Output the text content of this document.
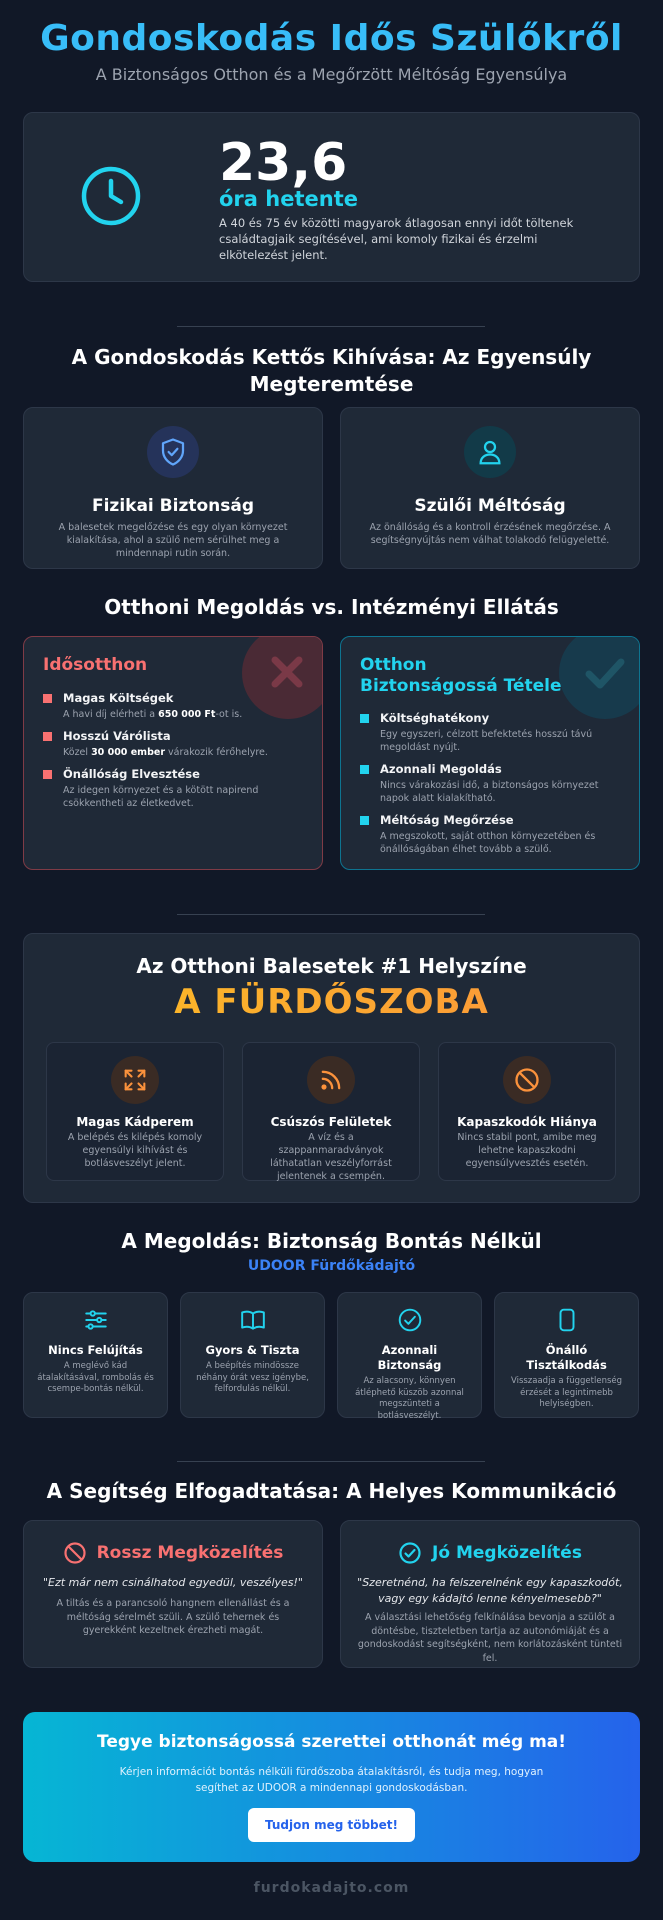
Gondoskodás Idős Szülőkről
A Biztonságos Otthon és a Megőrzött Méltóság Egyensúlya
23,6
óra hetente
A 40 és 75 év közötti magyarok átlagosan ennyi időt töltenek családtagjaik segítésével, ami komoly fizikai és érzelmi elkötelezést jelent.
A Gondoskodás Kettős Kihívása: Az Egyensúly Megteremtése
Fizikai Biztonság
A balesetek megelőzése és egy olyan környezet kialakítása, ahol a szülő nem sérülhet meg a mindennapi rutin során.
Szülői Méltóság
Az önállóság és a kontroll érzésének megőrzése. A segítségnyújtás nem válhat tolakodó felügyeletté.
Otthoni Megoldás vs. Intézményi Ellátás
Idősotthon
Magas Költségek
A havi díj elérheti a 650 000 Ft-ot is.
Hosszú Várólista
Közel 30 000 ember várakozik férőhelyre.
Önállóság Elvesztése
Az idegen környezet és a kötött napirend csökkentheti az életkedvet.
Otthon Biztonságossá Tétele
Költséghatékony
Egy egyszeri, célzott befektetés hosszú távú megoldást nyújt.
Azonnali Megoldás
Nincs várakozási idő, a biztonságos környezet napok alatt kialakítható.
Méltóság Megőrzése
A megszokott, saját otthon környezetében és önállóságában élhet tovább a szülő.
Az Otthoni Balesetek #1 Helyszíne
A FÜRDŐSZOBA
Magas Kádperem
A belépés és kilépés komoly egyensúlyi kihívást és botlásveszélyt jelent.
Csúszós Felületek
A víz és a szappanmaradványok láthatatlan veszélyforrást jelentenek a csempén.
Kapaszkodók Hiánya
Nincs stabil pont, amibe meg lehetne kapaszkodni egyensúlyvesztés esetén.
A Megoldás: Biztonság Bontás Nélkül
UDOOR Fürdőkádajtó
Nincs Felújítás
A meglévő kád átalakításával, rombolás és csempe-bontás nélkül.
Gyors & Tiszta
A beépítés mindössze néhány órát vesz igénybe, felfordulás nélkül.
Azonnali Biztonság
Az alacsony, könnyen átléphető küszöb azonnal megszünteti a botlásveszélyt.
Önálló Tisztálkodás
Visszaadja a függetlenség érzését a legintimebb helyiségben.
A Segítség Elfogadtatása: A Helyes Kommunikáció
Rossz Megközelítés
"Ezt már nem csinálhatod egyedül, veszélyes!"
A tiltás és a parancsoló hangnem ellenállást és a méltóság sérelmét szüli. A szülő tehernek és gyerekként kezeltnek érezheti magát.
Jó Megközelítés
"Szeretnénd, ha felszerelnénk egy kapaszkodót, vagy egy kádajtó lenne kényelmesebb?"
A választási lehetőség felkínálása bevonja a szülőt a döntésbe, tiszteletben tartja az autonómiáját és a gondoskodást segítségként, nem korlátozásként tünteti fel.
Tegye biztonságossá szerettei otthonát még ma!
Kérjen információt bontás nélküli fürdőszoba átalakításról, és tudja meg, hogyan segíthet az UDOOR a mindennapi gondoskodásban.
Tudjon meg többet!
furdokadajto.com
